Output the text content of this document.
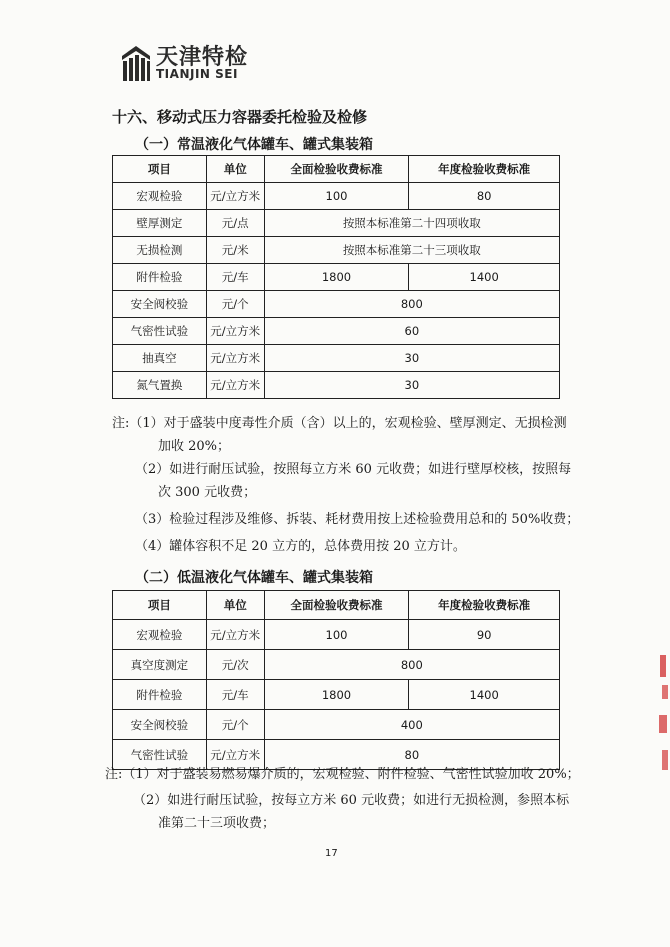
天津特检
TIANJIN SEI
十六、移动式压力容器委托检验及检修
（一）常温液化气体罐车、罐式集装箱
项目	单位	全面检验收费标准	年度检验收费标准
宏观检验	元/立方米	100	80
壁厚测定	元/点	按照本标准第二十四项收取	
无损检测	元/米	按照本标准第二十三项收取	
附件检验	元/车	1800	1400
安全阀校验	元/个	800	
气密性试验	元/立方米	60	
抽真空	元/立方米	30	
氮气置换	元/立方米	30	
注:（1）对于盛装中度毒性介质（含）以上的，宏观检验、壁厚测定、无损检测
加收 20%；
（2）如进行耐压试验，按照每立方米 60 元收费；如进行壁厚校核，按照每
次 300 元收费；
（3）检验过程涉及维修、拆装、耗材费用按上述检验费用总和的 50%收费；
（4）罐体容积不足 20 立方的，总体费用按 20 立方计。
（二）低温液化气体罐车、罐式集装箱
项目	单位	全面检验收费标准	年度检验收费标准
宏观检验	元/立方米	100	90
真空度测定	元/次	800	
附件检验	元/车	1800	1400
安全阀校验	元/个	400	
气密性试验	元/立方米	80	
注:（1）对于盛装易燃易爆介质的，宏观检验、附件检验、气密性试验加收 20%；
（2）如进行耐压试验，按每立方米 60 元收费；如进行无损检测，参照本标
准第二十三项收费；
17
